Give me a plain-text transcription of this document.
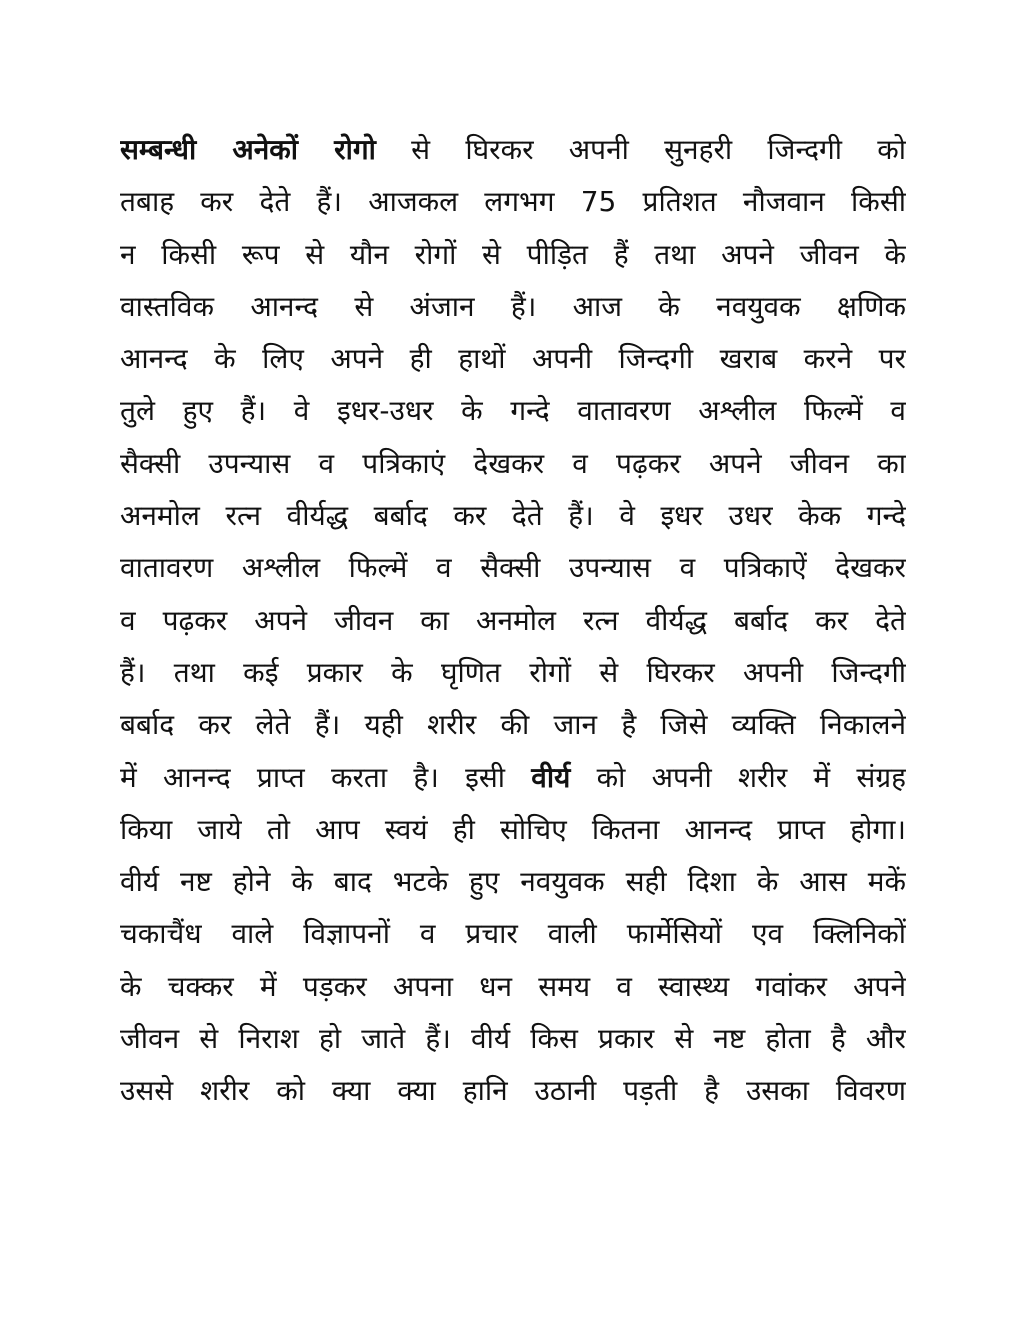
सम्बन्धी अनेकों रोगो से घिरकर अपनी सुनहरी जिन्दगी को
तबाह कर देते हैं। आजकल लगभग 75 प्रतिशत नौजवान किसी
न किसी रूप से यौन रोगों से पीड़ित हैं तथा अपने जीवन के
वास्तविक आनन्द से अंजान हैं। आज के नवयुवक क्षणिक
आनन्द के लिए अपने ही हाथों अपनी जिन्दगी खराब करने पर
तुले हुए हैं। वे इधर-उधर के गन्दे वातावरण अश्लील फिल्में व
सैक्सी उपन्यास व पत्रिकाएं देखकर व पढ़कर अपने जीवन का
अनमोल रत्न वीर्यद्ध बर्बाद कर देते हैं। वे इधर उधर केक गन्दे
वातावरण अश्लील फिल्में व सैक्सी उपन्यास व पत्रिकाऐं देखकर
व पढ़कर अपने जीवन का अनमोल रत्न वीर्यद्ध बर्बाद कर देते
हैं। तथा कई प्रकार के घृणित रोगों से घिरकर अपनी जिन्दगी
बर्बाद कर लेते हैं। यही शरीर की जान है जिसे व्यक्ति निकालने
में आनन्द प्राप्त करता है। इसी वीर्य को अपनी शरीर में संग्रह
किया जाये तो आप स्वयं ही सोचिए कितना आनन्द प्राप्त होगा।
वीर्य नष्ट होने के बाद भटके हुए नवयुवक सही दिशा के आस मकें
चकाचैंध वाले विज्ञापनों व प्रचार वाली फार्मेसियों एव क्लिनिकों
के चक्कर में पड़कर अपना धन समय व स्वास्थ्य गवांकर अपने
जीवन से निराश हो जाते हैं। वीर्य किस प्रकार से नष्ट होता है और
उससे शरीर को क्या क्या हानि उठानी पड़ती है उसका विवरण
